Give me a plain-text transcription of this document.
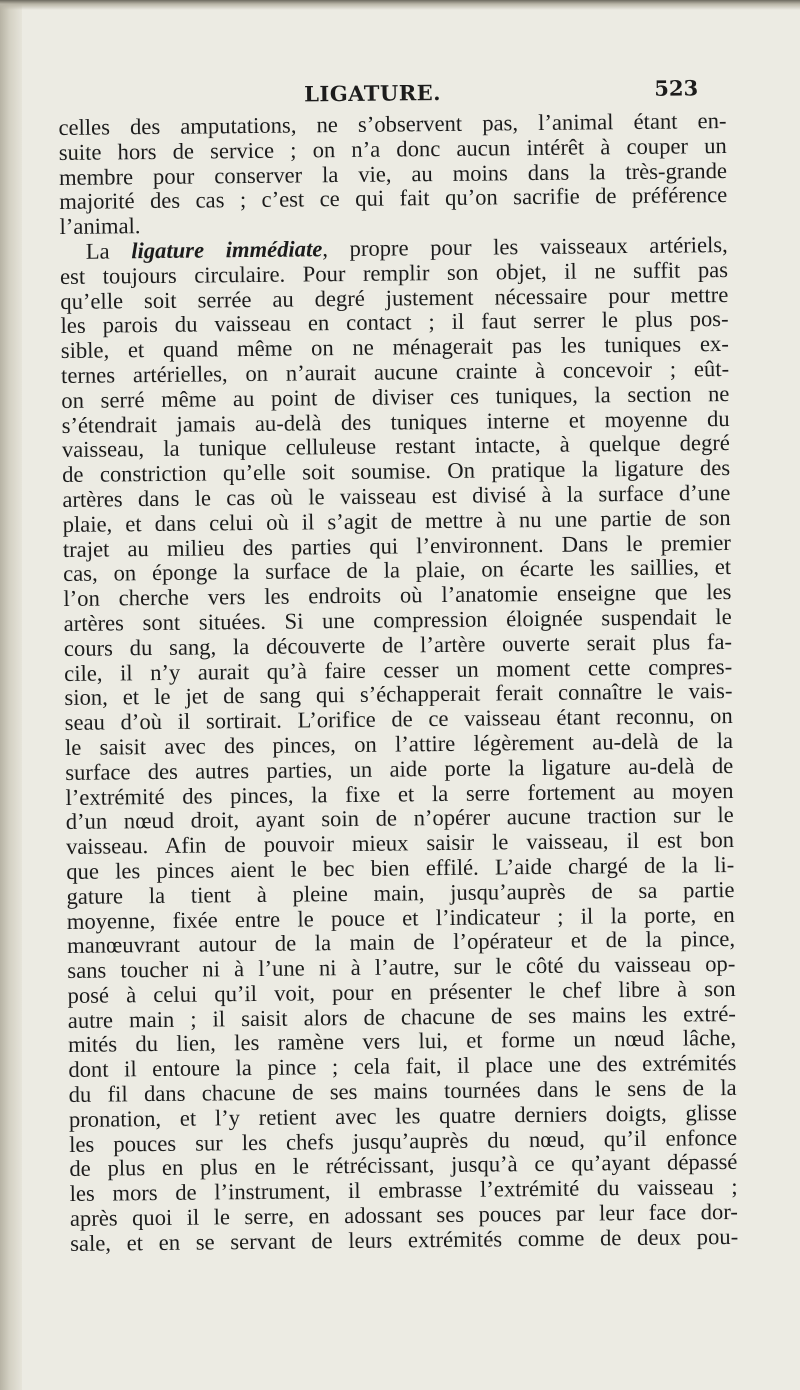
LIGATURE.	523
celles des amputations, ne s’observent pas, l’animal étant en-
suite hors de service ; on n’a donc aucun intérêt à couper un
membre pour conserver la vie, au moins dans la très-grande
majorité des cas ; c’est ce qui fait qu’on sacrifie de préférence
l’animal.
La ligature immédiate, propre pour les vaisseaux artériels,
est toujours circulaire. Pour remplir son objet, il ne suffit pas
qu’elle soit serrée au degré justement nécessaire pour mettre
les parois du vaisseau en contact ; il faut serrer le plus pos-
sible, et quand même on ne ménagerait pas les tuniques ex-
ternes artérielles, on n’aurait aucune crainte à concevoir ; eût-
on serré même au point de diviser ces tuniques, la section ne
s’étendrait jamais au-delà des tuniques interne et moyenne du
vaisseau, la tunique celluleuse restant intacte, à quelque degré
de constriction qu’elle soit soumise. On pratique la ligature des
artères dans le cas où le vaisseau est divisé à la surface d’une
plaie, et dans celui où il s’agit de mettre à nu une partie de son
trajet au milieu des parties qui l’environnent. Dans le premier
cas, on éponge la surface de la plaie, on écarte les saillies, et
l’on cherche vers les endroits où l’anatomie enseigne que les
artères sont situées. Si une compression éloignée suspendait le
cours du sang, la découverte de l’artère ouverte serait plus fa-
cile, il n’y aurait qu’à faire cesser un moment cette compres-
sion, et le jet de sang qui s’échapperait ferait connaître le vais-
seau d’où il sortirait. L’orifice de ce vaisseau étant reconnu, on
le saisit avec des pinces, on l’attire légèrement au-delà de la
surface des autres parties, un aide porte la ligature au-delà de
l’extrémité des pinces, la fixe et la serre fortement au moyen
d’un nœud droit, ayant soin de n’opérer aucune traction sur le
vaisseau. Afin de pouvoir mieux saisir le vaisseau, il est bon
que les pinces aient le bec bien effilé. L’aide chargé de la li-
gature la tient à pleine main, jusqu’auprès de sa partie
moyenne, fixée entre le pouce et l’indicateur ; il la porte, en
manœuvrant autour de la main de l’opérateur et de la pince,
sans toucher ni à l’une ni à l’autre, sur le côté du vaisseau op-
posé à celui qu’il voit, pour en présenter le chef libre à son
autre main ; il saisit alors de chacune de ses mains les extré-
mités du lien, les ramène vers lui, et forme un nœud lâche,
dont il entoure la pince ; cela fait, il place une des extrémités
du fil dans chacune de ses mains tournées dans le sens de la
pronation, et l’y retient avec les quatre derniers doigts, glisse
les pouces sur les chefs jusqu’auprès du nœud, qu’il enfonce
de plus en plus en le rétrécissant, jusqu’à ce qu’ayant dépassé
les mors de l’instrument, il embrasse l’extrémité du vaisseau ;
après quoi il le serre, en adossant ses pouces par leur face dor-
sale, et en se servant de leurs extrémités comme de deux pou-
